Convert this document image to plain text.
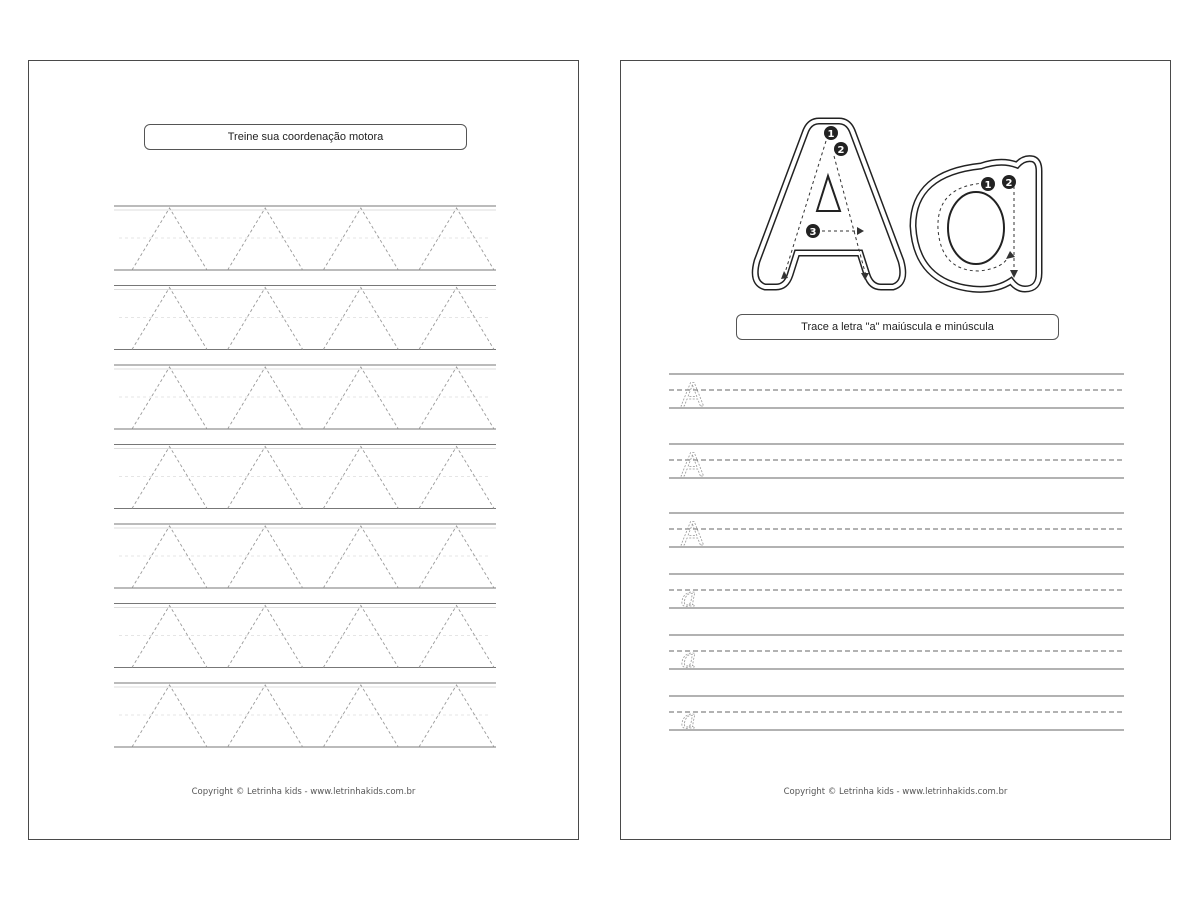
Treine sua coordenação motora
Copyright © Letrinha kids - www.letrinhakids.com.br
1
2
3
1 2
Trace a letra "a" maiúscula e minúscula
A
A
A
a
a
a
Copyright © Letrinha kids - www.letrinhakids.com.br
